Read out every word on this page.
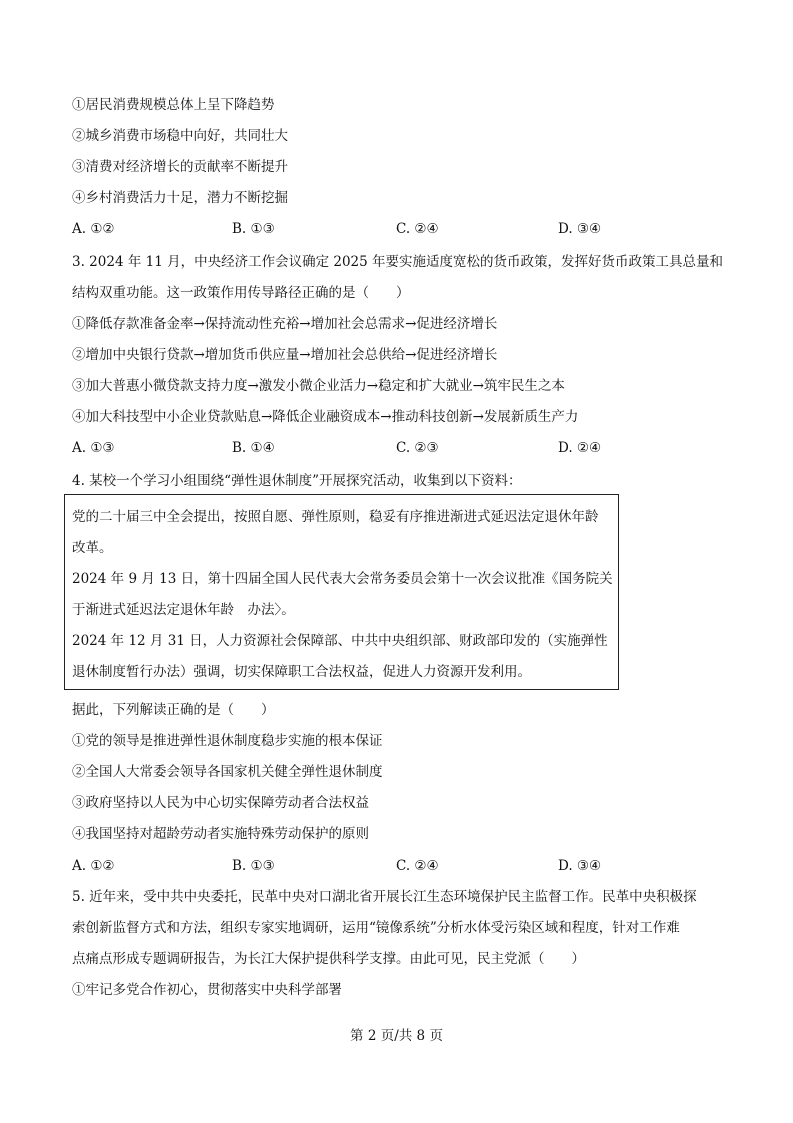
①居民消费规模总体上呈下降趋势
②城乡消费市场稳中向好，共同壮大
③清费对经济增长的贡献率不断提升
④乡村消费活力十足，潜力不断挖掘
A. ①②	B. ①③	C. ②④	D. ③④
3. 2024 年 11 月，中央经济工作会议确定 2025 年要实施适度宽松的货币政策，发挥好货币政策工具总量和
结构双重功能。这一政策作用传导路径正确的是（　　）
①降低存款准备金率→保持流动性充裕→增加社会总需求→促进经济增长
②增加中央银行贷款→增加货币供应量→增加社会总供给→促进经济增长
③加大普惠小微贷款支持力度→激发小微企业活力→稳定和扩大就业→筑牢民生之本
④加大科技型中小企业贷款贴息→降低企业融资成本→推动科技创新→发展新质生产力
A. ①③	B. ①④	C. ②③	D. ②④
4. 某校一个学习小组围绕“弹性退休制度”开展探究活动，收集到以下资料：
党的二十届三中全会提出，按照自愿、弹性原则，稳妥有序推进渐进式延迟法定退休年龄
改革。
2024 年 9 月 13 日，第十四届全国人民代表大会常务委员会第十一次会议批准《国务院关
于渐进式延迟法定退休年龄　办法〉。
2024 年 12 月 31 日，人力资源社会保障部、中共中央组织部、财政部印发的（实施弹性
退休制度暂行办法）强调，切实保障职工合法权益，促进人力资源开发利用。
据此，下列解读正确的是（　　）
①党的领导是推进弹性退休制度稳步实施的根本保证
②全国人大常委会领导各国家机关健全弹性退休制度
③政府坚持以人民为中心切实保障劳动者合法权益
④我国坚持对超龄劳动者实施特殊劳动保护的原则
A. ①②	B. ①③	C. ②④	D. ③④
5. 近年来，受中共中央委托，民革中央对口湖北省开展长江生态环境保护民主监督工作。民革中央积极探
索创新监督方式和方法，组织专家实地调研，运用“镜像系统”分析水体受污染区域和程度，针对工作难
点痛点形成专题调研报告，为长江大保护提供科学支撑。由此可见，民主党派（　　）
①牢记多党合作初心，贯彻落实中央科学部署
第 2 页/共 8 页
